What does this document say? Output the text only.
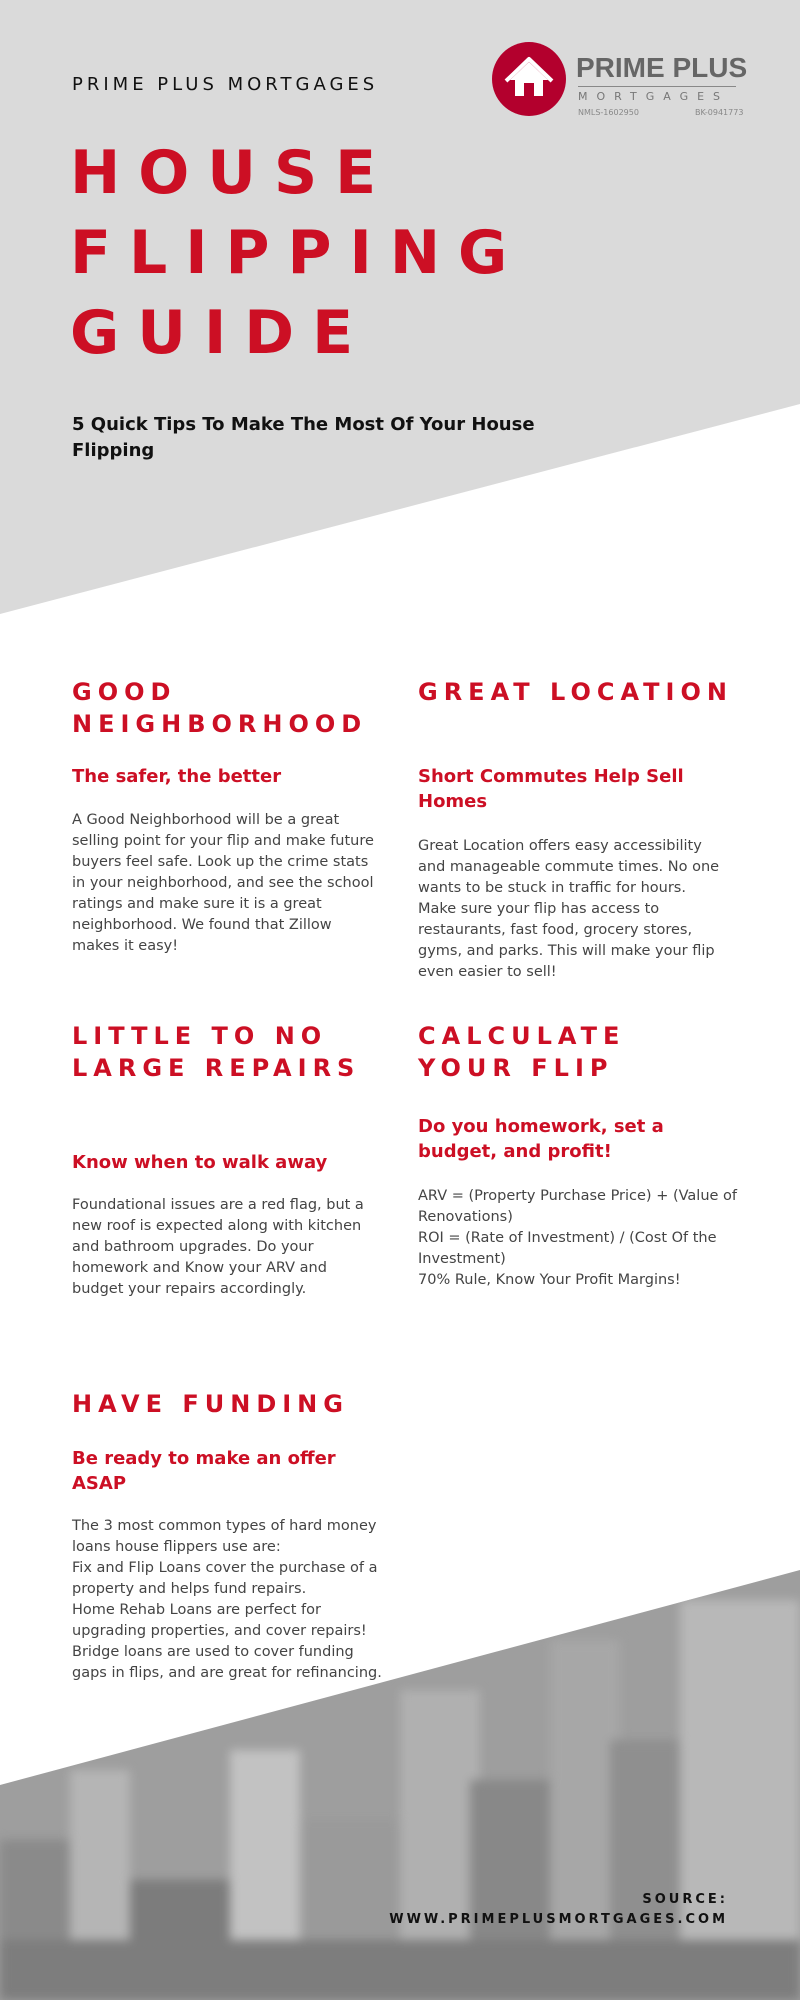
PRIME PLUS MORTGAGES
PRIME PLUS
MORTGAGES
NMLS-1602950	BK-0941773
HOUSE
FLIPPING
GUIDE
5 Quick Tips To Make The Most Of Your House Flipping
GOOD NEIGHBORHOOD
The safer, the better
A Good Neighborhood will be a great selling point for your flip and make future buyers feel safe. Look up the crime stats in your neighborhood, and see the school ratings and make sure it is a great neighborhood. We found that Zillow makes it easy!
GREAT LOCATION
Short Commutes Help Sell Homes
Great Location offers easy accessibility and manageable commute times. No one wants to be stuck in traffic for hours. Make sure your flip has access to restaurants, fast food, grocery stores, gyms, and parks. This will make your flip even easier to sell!
LITTLE TO NO LARGE REPAIRS
Know when to walk away
Foundational issues are a red flag, but a new roof is expected along with kitchen and bathroom upgrades. Do your homework and Know your ARV and budget your repairs accordingly.
CALCULATE YOUR FLIP
Do you homework, set a budget, and profit!
ARV = (Property Purchase Price) + (Value of Renovations)
ROI = (Rate of Investment) / (Cost Of the Investment)
70% Rule, Know Your Profit Margins!
HAVE FUNDING
Be ready to make an offer ASAP
The 3 most common types of hard money loans house flippers use are:
Fix and Flip Loans cover the purchase of a property and helps fund repairs.
Home Rehab Loans are perfect for upgrading properties, and cover repairs!
Bridge loans are used to cover funding gaps in flips, and are great for refinancing.
SOURCE:
WWW.PRIMEPLUSMORTGAGES.COM
